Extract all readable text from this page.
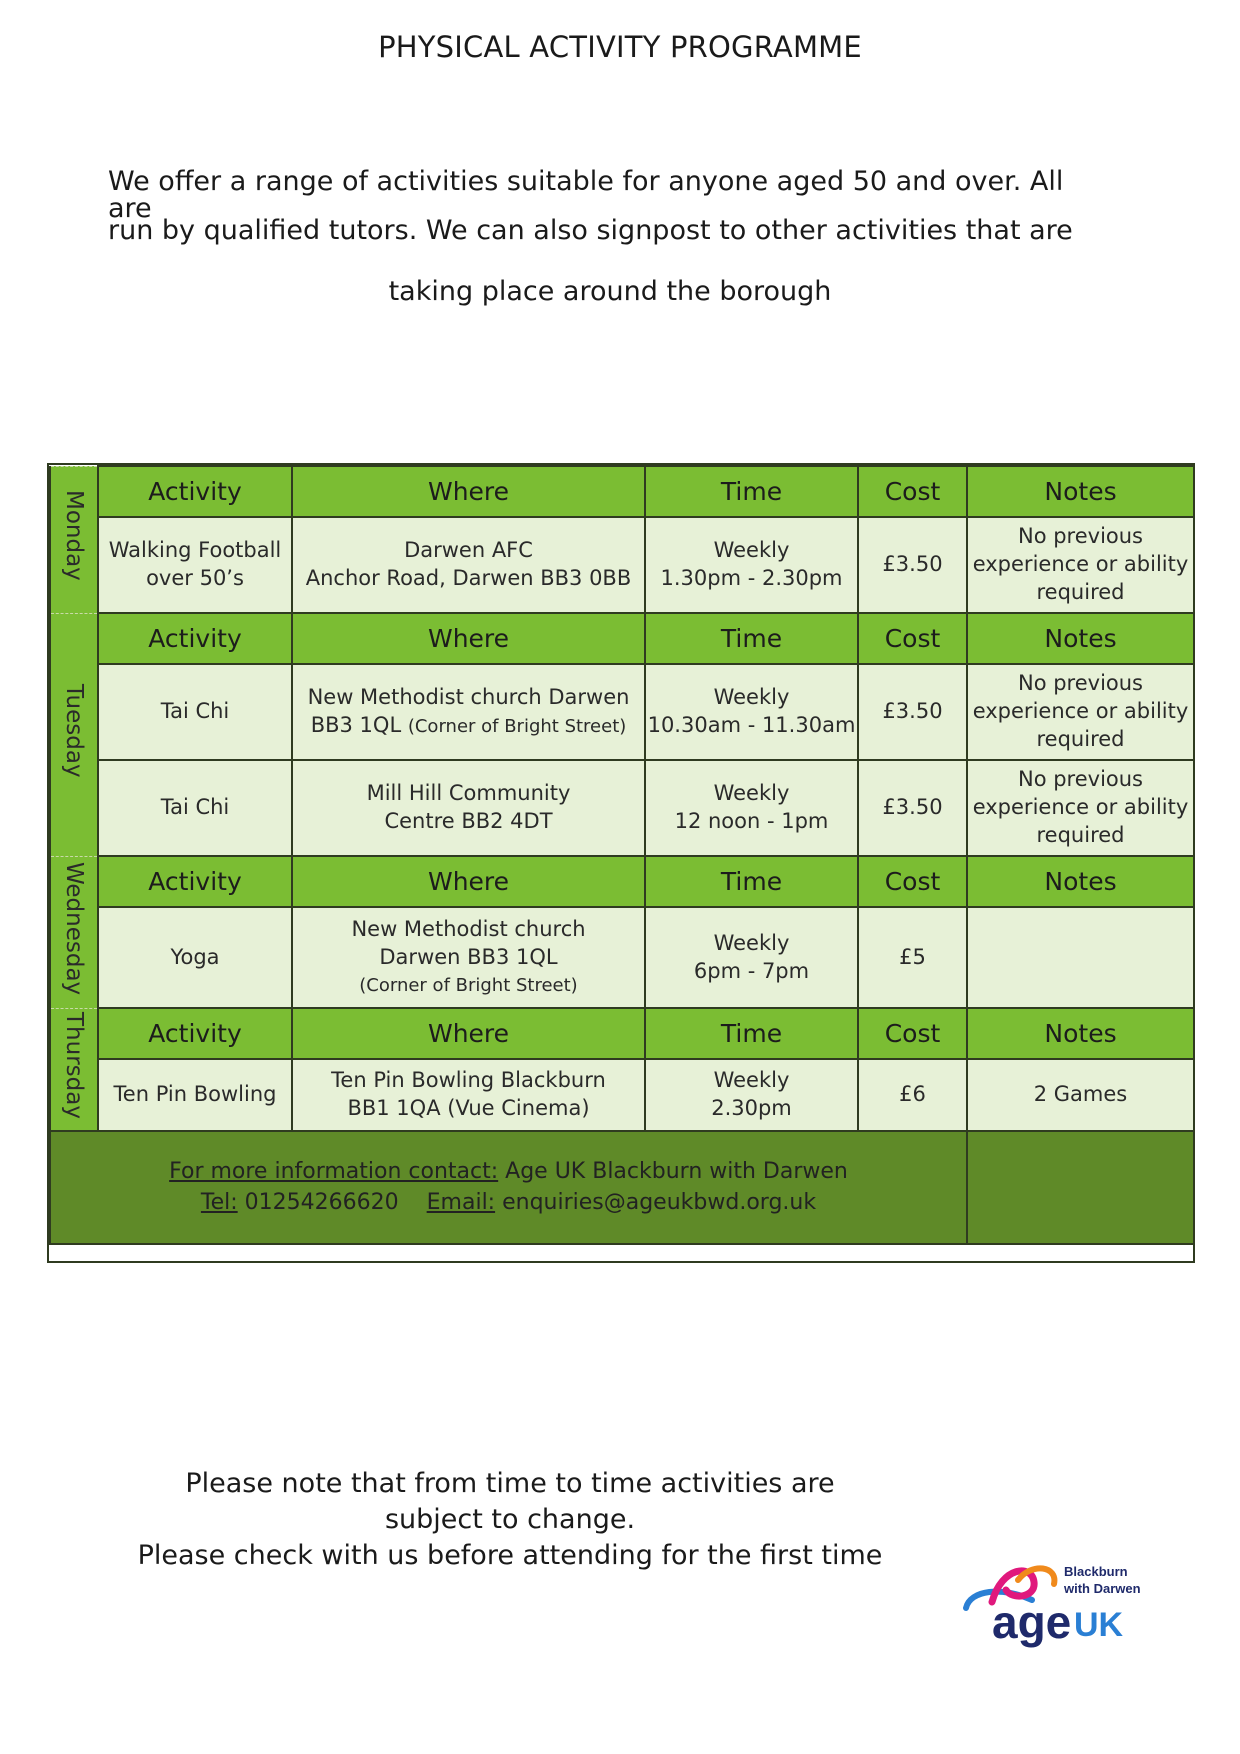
PHYSICAL ACTIVITY PROGRAMME
We offer a range of activities suitable for anyone aged 50 and over. All are
run by qualified tutors. We can also signpost to other activities that are
taking place around the borough
Monday	Activity	Where	Time	Cost	Notes
	Walking Football
over 50’s	Darwen AFC
Anchor Road, Darwen BB3 0BB	Weekly
1.30pm - 2.30pm	£3.50	No previous
experience or ability
required
Tuesday	Activity	Where	Time	Cost	Notes
	Tai Chi	New Methodist church Darwen
BB3 1QL (Corner of Bright Street)	Weekly
10.30am - 11.30am	£3.50	No previous
experience or ability
required
	Tai Chi	Mill Hill Community
Centre BB2 4DT	Weekly
12 noon - 1pm	£3.50	No previous
experience or ability
required
Wednesday	Activity	Where	Time	Cost	Notes
	Yoga	New Methodist church
Darwen BB3 1QL
(Corner of Bright Street)	Weekly
6pm - 7pm	£5	
Thursday	Activity	Where	Time	Cost	Notes
	Ten Pin Bowling	Ten Pin Bowling Blackburn
BB1 1QA (Vue Cinema)	Weekly
2.30pm	£6	2 Games
For more information contact: Age UK Blackburn with Darwen
Tel: 01254266620 Email: enquiries@ageukbwd.org.uk					
Please note that from time to time activities are
subject to change.
Please check with us before attending for the first time
Blackburn
with Darwen
age UK
